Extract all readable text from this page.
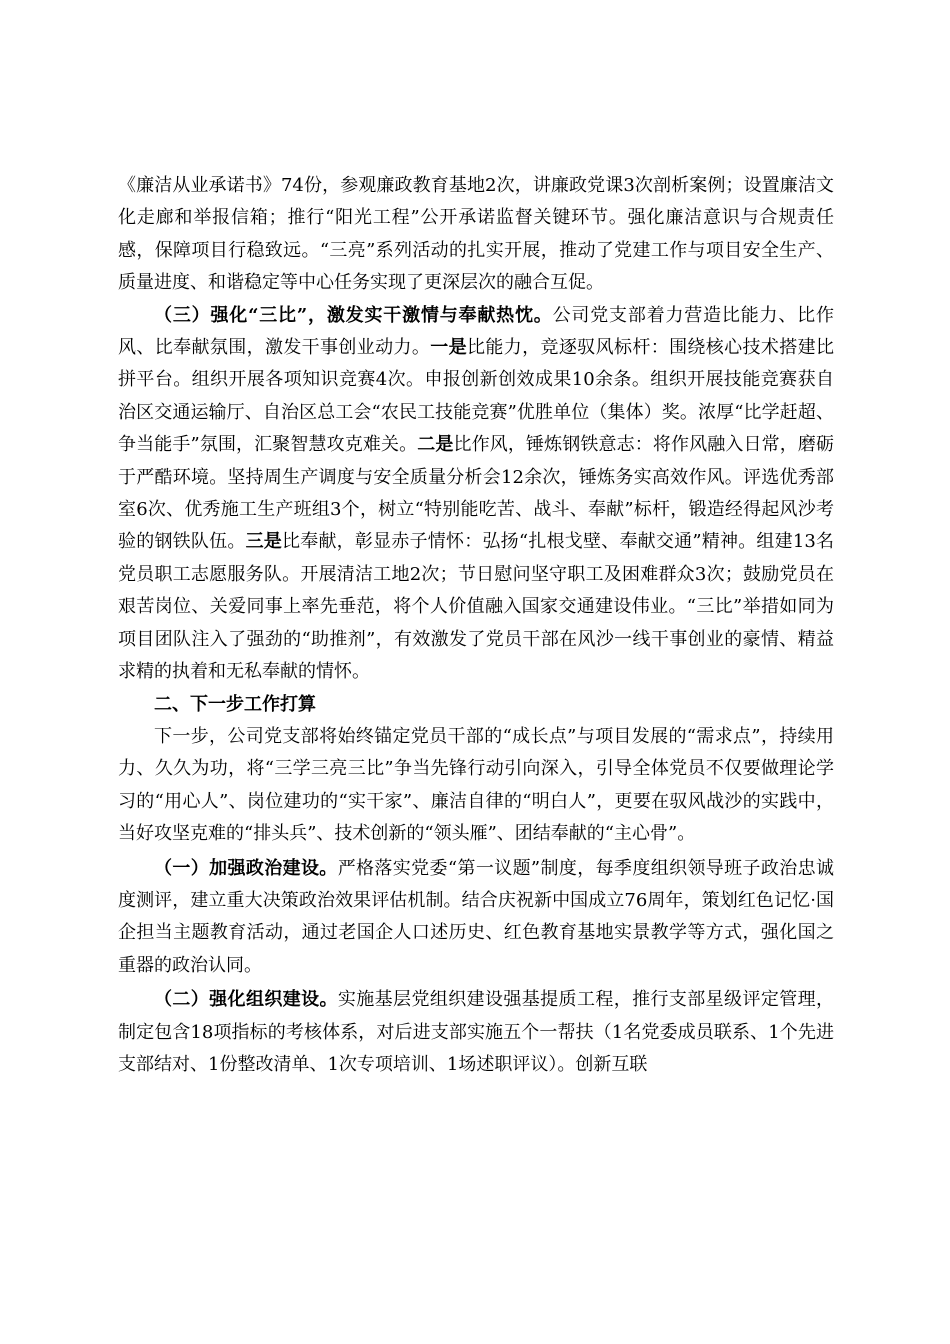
《廉洁从业承诺书》74份，参观廉政教育基地2次，讲廉政党课3次剖析案例；设置廉洁文化走廊和举报信箱；推行“阳光工程”公开承诺监督关键环节。强化廉洁意识与合规责任感，保障项目行稳致远。“三亮”系列活动的扎实开展，推动了党建工作与项目安全生产、质量进度、和谐稳定等中心任务实现了更深层次的融合互促。

（三）强化“三比”，激发实干激情与奉献热忱。公司党支部着力营造比能力、比作风、比奉献氛围，激发干事创业动力。一是比能力，竞逐驭风标杆：围绕核心技术搭建比拼平台。组织开展各项知识竞赛4次。申报创新创效成果10余条。组织开展技能竞赛获自治区交通运输厅、自治区总工会“农民工技能竞赛”优胜单位（集体）奖。浓厚“比学赶超、争当能手”氛围，汇聚智慧攻克难关。二是比作风，锤炼钢铁意志：将作风融入日常，磨砺于严酷环境。坚持周生产调度与安全质量分析会12余次，锤炼务实高效作风。评选优秀部室6次、优秀施工生产班组3个，树立“特别能吃苦、战斗、奉献”标杆，锻造经得起风沙考验的钢铁队伍。三是比奉献，彰显赤子情怀：弘扬“扎根戈壁、奉献交通”精神。组建13名党员职工志愿服务队。开展清洁工地2次；节日慰问坚守职工及困难群众3次；鼓励党员在艰苦岗位、关爱同事上率先垂范，将个人价值融入国家交通建设伟业。“三比”举措如同为项目团队注入了强劲的“助推剂”，有效激发了党员干部在风沙一线干事创业的豪情、精益求精的执着和无私奉献的情怀。

二、下一步工作打算

下一步，公司党支部将始终锚定党员干部的“成长点”与项目发展的“需求点”，持续用力、久久为功，将“三学三亮三比”争当先锋行动引向深入，引导全体党员不仅要做理论学习的“用心人”、岗位建功的“实干家”、廉洁自律的“明白人”，更要在驭风战沙的实践中，当好攻坚克难的“排头兵”、技术创新的“领头雁”、团结奉献的“主心骨”。

（一）加强政治建设。严格落实党委“第一议题”制度，每季度组织领导班子政治忠诚度测评，建立重大决策政治效果评估机制。结合庆祝新中国成立76周年，策划红色记忆·国企担当主题教育活动，通过老国企人口述历史、红色教育基地实景教学等方式，强化国之重器的政治认同。

（二）强化组织建设。实施基层党组织建设强基提质工程，推行支部星级评定管理，制定包含18项指标的考核体系，对后进支部实施五个一帮扶（1名党委成员联系、1个先进支部结对、1份整改清单、1次专项培训、1场述职评议）。创新互联
